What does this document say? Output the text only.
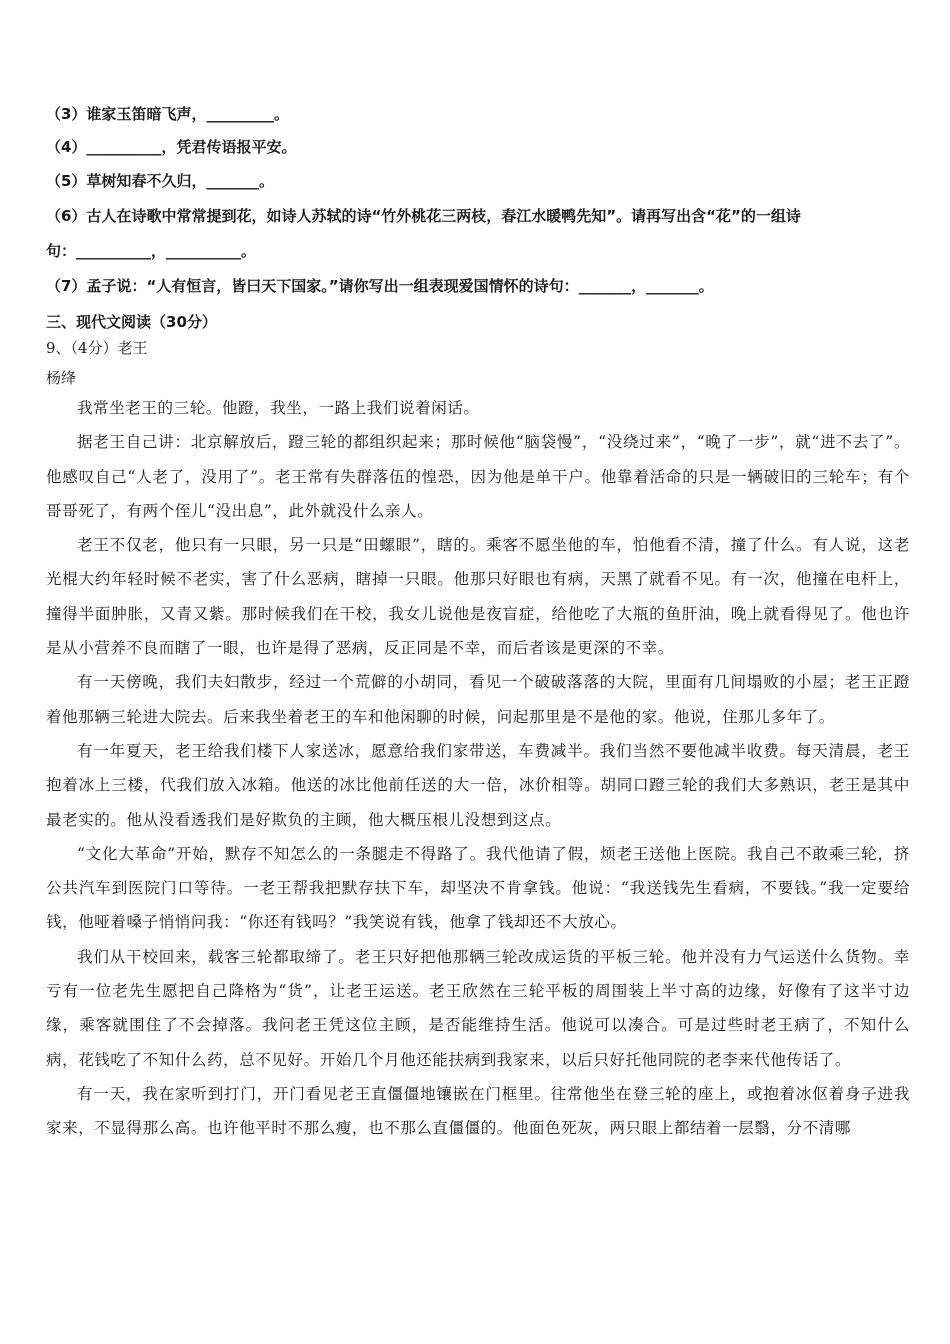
（3）谁家玉笛暗飞声，_________。
（4）__________，凭君传语报平安。
（5）草树知春不久归，_______。
（6）古人在诗歌中常常提到花，如诗人苏轼的诗“竹外桃花三两枝，春江水暖鸭先知”。请再写出含“花”的一组诗
句：__________，__________。
（7）孟子说：“人有恒言，皆曰天下国家。”请你写出一组表现爱国情怀的诗句：_______，_______。
三、现代文阅读（30分）
9、（4分）老王
杨绛

我常坐老王的三轮。他蹬，我坐，一路上我们说着闲话。

据老王自己讲：北京解放后，蹬三轮的都组织起来；那时候他“脑袋慢”，“没绕过来”，“晚了一步”，就“进不去了”。他感叹自己“人老了，没用了”。老王常有失群落伍的惶恐，因为他是单干户。他靠着活命的只是一辆破旧的三轮车；有个哥哥死了，有两个侄儿“没出息”，此外就没什么亲人。

老王不仅老，他只有一只眼，另一只是“田螺眼”，瞎的。乘客不愿坐他的车，怕他看不清，撞了什么。有人说，这老光棍大约年轻时候不老实，害了什么恶病，瞎掉一只眼。他那只好眼也有病，天黑了就看不见。有一次，他撞在电杆上，撞得半面肿胀，又青又紫。那时候我们在干校，我女儿说他是夜盲症，给他吃了大瓶的鱼肝油，晚上就看得见了。他也许是从小营养不良而瞎了一眼，也许是得了恶病，反正同是不幸，而后者该是更深的不幸。

有一天傍晚，我们夫妇散步，经过一个荒僻的小胡同，看见一个破破落落的大院，里面有几间塌败的小屋；老王正蹬着他那辆三轮进大院去。后来我坐着老王的车和他闲聊的时候，问起那里是不是他的家。他说，住那儿多年了。

有一年夏天，老王给我们楼下人家送冰，愿意给我们家带送，车费减半。我们当然不要他减半收费。每天清晨，老王抱着冰上三楼，代我们放入冰箱。他送的冰比他前任送的大一倍，冰价相等。胡同口蹬三轮的我们大多熟识，老王是其中最老实的。他从没看透我们是好欺负的主顾，他大概压根儿没想到这点。

“文化大革命”开始，默存不知怎么的一条腿走不得路了。我代他请了假，烦老王送他上医院。我自己不敢乘三轮，挤公共汽车到医院门口等待。一老王帮我把默存扶下车，却坚决不肯拿钱。他说：“我送钱先生看病，不要钱。”我一定要给钱，他哑着嗓子悄悄问我：“你还有钱吗？”我笑说有钱，他拿了钱却还不大放心。

我们从干校回来，载客三轮都取缔了。老王只好把他那辆三轮改成运货的平板三轮。他并没有力气运送什么货物。幸亏有一位老先生愿把自己降格为“货”，让老王运送。老王欣然在三轮平板的周围装上半寸高的边缘，好像有了这半寸边缘，乘客就围住了不会掉落。我问老王凭这位主顾，是否能维持生活。他说可以凑合。可是过些时老王病了，不知什么病，花钱吃了不知什么药，总不见好。开始几个月他还能扶病到我家来，以后只好托他同院的老李来代他传话了。

有一天，我在家听到打门，开门看见老王直僵僵地镶嵌在门框里。往常他坐在登三轮的座上，或抱着冰伛着身子进我家来，不显得那么高。也许他平时不那么瘦，也不那么直僵僵的。他面色死灰，两只眼上都结着一层翳，分不清哪
